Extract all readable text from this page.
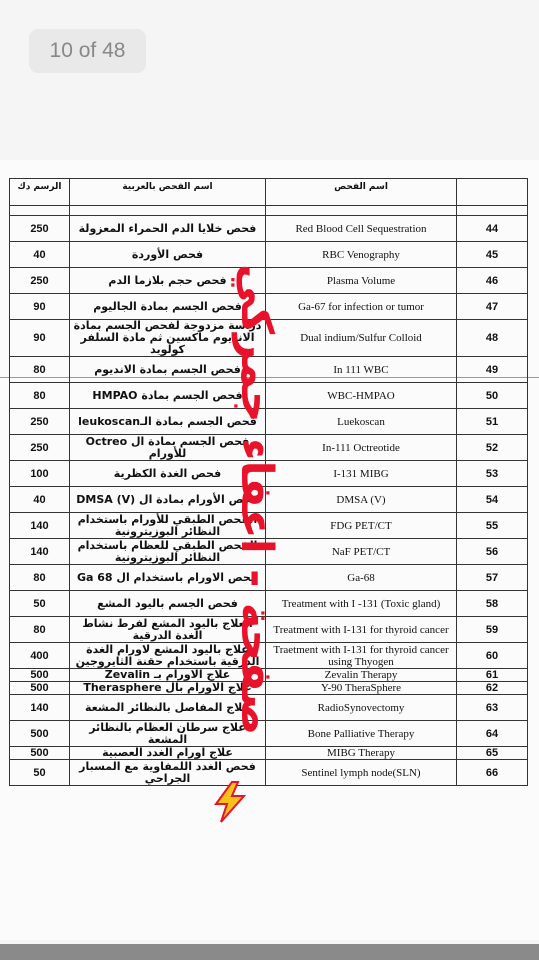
10 of 48
الرسم دك	اسم الفحص بالعربية	اسم الفحص	

250	فحص خلايا الدم الحمراء المعزولة	Red Blood Cell Sequestration	44
40	فحص الأوردة	RBC Venography	45
250	فحص حجم بلازما الدم	Plasma Volume	46
90	فحص الجسم بمادة الجاليوم	Ga-67 for infection or tumor	47
90	دراسة مزدوجة لفحص الجسم بمادة الانديوم ماكسين ثم مادة السلفر كولويد	Dual indium/Sulfur Colloid	48
80	فحص الجسم بمادة الانديوم	In 111 WBC	49
80	فحص الجسم بمادة HMPAO	WBC-HMPAO	50
250	فحص الجسم بمادة الـleukoscan	Luekoscan	51
250	فحص الجسم بمادة ال Octreo للأورام	In-111 Octreotide	52
100	فحص الغدة الكظرية	I-131 MIBG	53
40	فحص الأورام بمادة ال DMSA (V)	DMSA (V)	54
140	الفحص الطبقي للأورام باستخدام النظائر البوزيترونية	FDG PET/CT	55
140	الفحص الطبقي للعظام باستخدام النظائر البوزيترونية	NaF PET/CT	56
80	فحص الاورام باستخدام ال Ga 68	Ga-68	57
50	فحص الجسم باليود المشع	Treatment with I -131 (Toxic gland)	58
80	العلاج باليود المشع لفرط نشاط الغدة الدرقية	Treatment with I-131 for thyroid cancer	59
400	علاج باليود المشع لاورام الغدة الدرقية باستخدام حقنة الثايروجين	Traetment with I-131 for thyroid cancer using Thyogen	60
500	علاج الاورام بـ Zevalin	Zevalin Therapy	61
500	علاج الاورام بال Therasphere	Y-90 TheraSphere	62
140	علاج المفاصل بالنظائر المشعة	RadioSynovectomy	63
500	علاج سرطان العظام بالنظائر المشعة	Bone Palliative Therapy	64
500	علاج اورام الغدد العصبية	MIBG Therapy	65
50	فحص الغدد اللمفاوية مع المسبار الجراحي	Sentinel lymph node(SLN)	66
صفحة - اعفاء جمركي
